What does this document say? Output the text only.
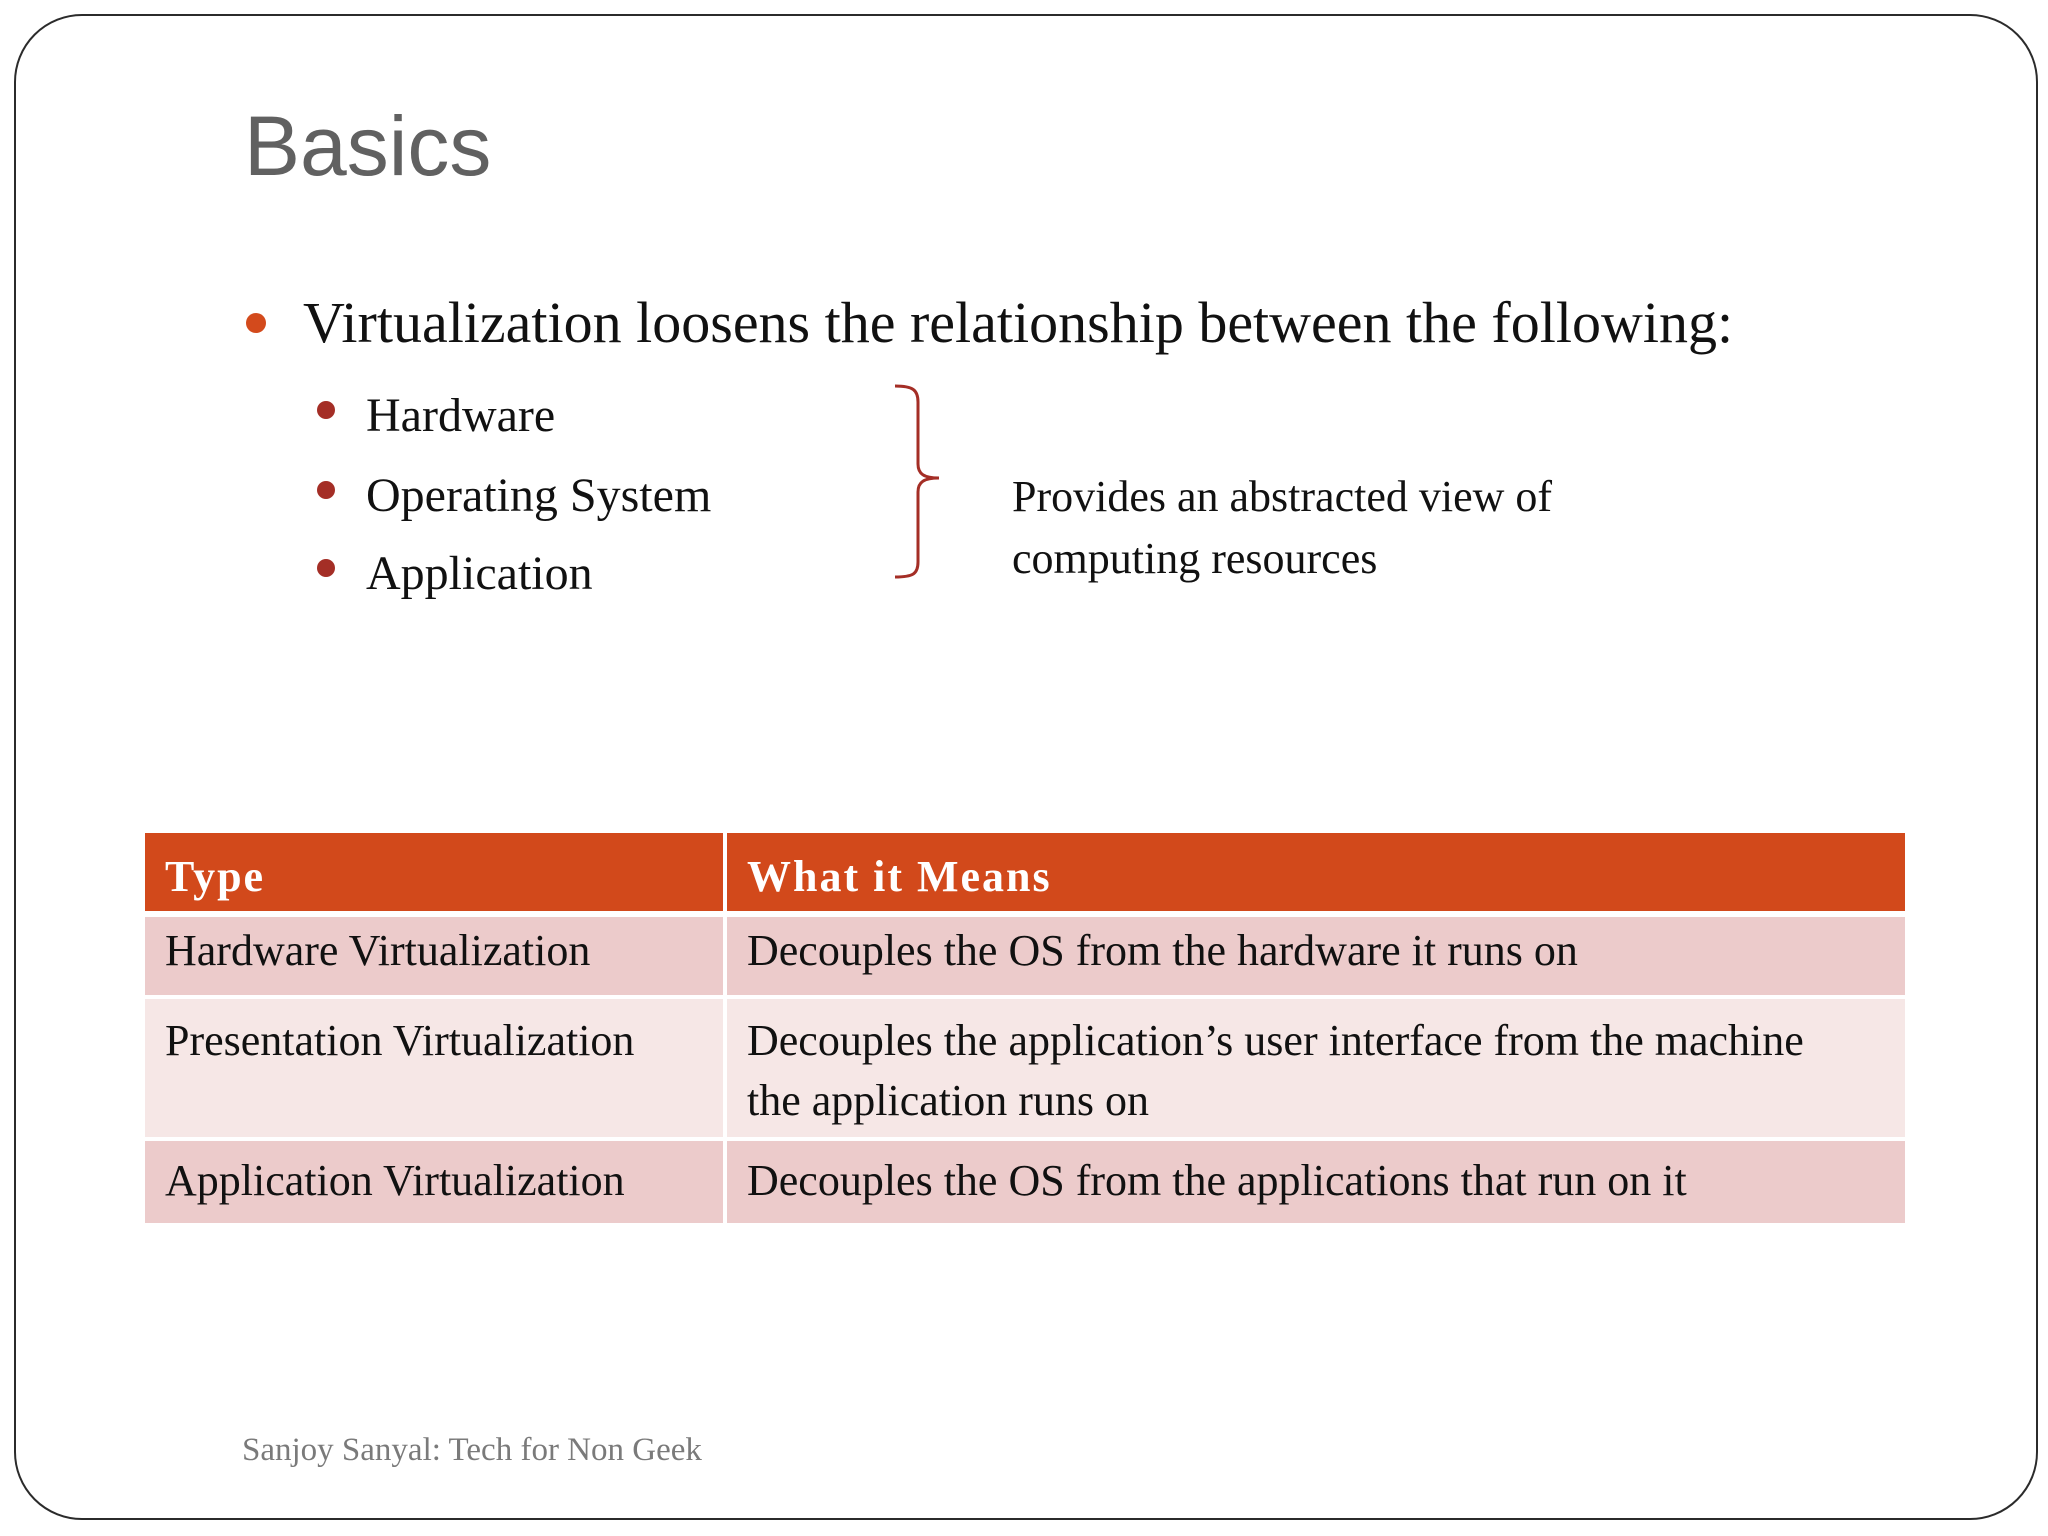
Basics
Virtualization loosens the relationship between the following:
Hardware
Operating System
Application
Provides an abstracted view of
computing resources
Type	What it Means
Hardware Virtualization	Decouples the OS from the hardware it runs on
Presentation Virtualization	Decouples the application’s user interface from the machine
the application runs on
Application Virtualization	Decouples the OS from the applications that run on it
Sanjoy Sanyal: Tech for Non Geek
